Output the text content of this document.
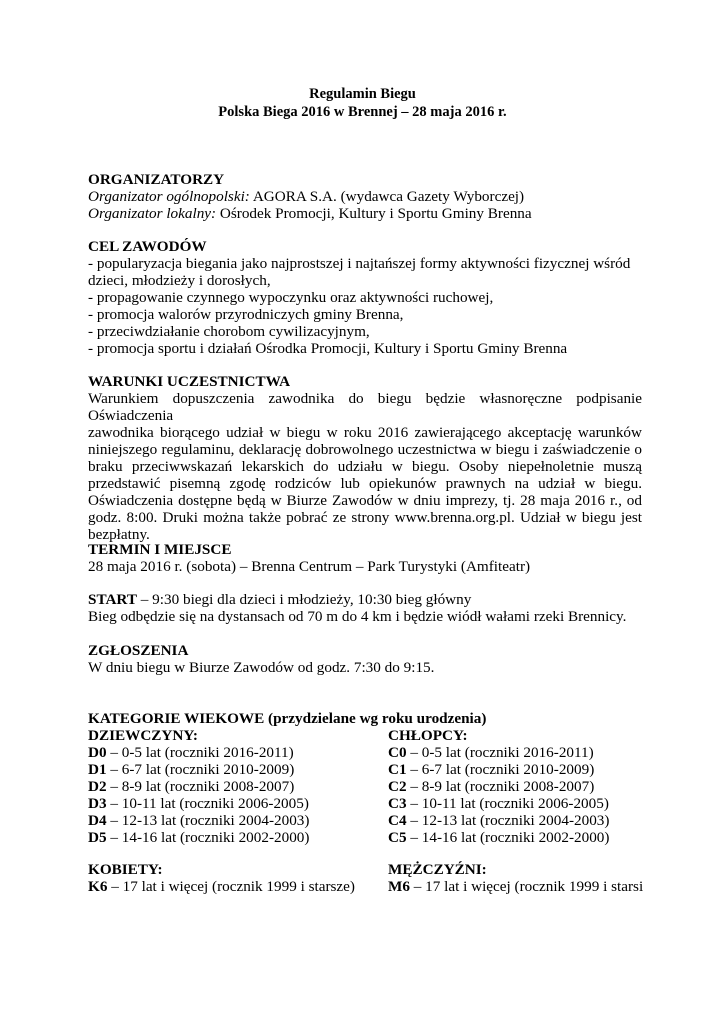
Regulamin Biegu
Polska Biega 2016 w Brennej – 28 maja 2016 r.
ORGANIZATORZY
Organizator ogólnopolski: AGORA S.A. (wydawca Gazety Wyborczej)
Organizator lokalny: Ośrodek Promocji, Kultury i Sportu Gminy Brenna
CEL ZAWODÓW
- popularyzacja biegania jako najprostszej i najtańszej formy aktywności fizycznej wśród
dzieci, młodzieży i dorosłych,
- propagowanie czynnego wypoczynku oraz aktywności ruchowej,
- promocja walorów przyrodniczych gminy Brenna,
- przeciwdziałanie chorobom cywilizacyjnym,
- promocja sportu i działań Ośrodka Promocji, Kultury i Sportu Gminy Brenna
WARUNKI UCZESTNICTWA
Warunkiem dopuszczenia zawodnika do biegu będzie własnoręczne podpisanie Oświadczenia
zawodnika biorącego udział w biegu w roku 2016 zawierającego akceptację warunków
niniejszego regulaminu, deklarację dobrowolnego uczestnictwa w biegu i zaświadczenie o
braku przeciwwskazań lekarskich do udziału w biegu. Osoby niepełnoletnie muszą
przedstawić pisemną zgodę rodziców lub opiekunów prawnych na udział w biegu.
Oświadczenia dostępne będą w Biurze Zawodów w dniu imprezy, tj. 28 maja 2016 r., od
godz. 8:00. Druki można także pobrać ze strony www.brenna.org.pl. Udział w biegu jest
bezpłatny.
TERMIN I MIEJSCE
28 maja 2016 r. (sobota) – Brenna Centrum – Park Turystyki (Amfiteatr)
START – 9:30 biegi dla dzieci i młodzieży, 10:30 bieg główny
Bieg odbędzie się na dystansach od 70 m do 4 km i będzie wiódł wałami rzeki Brennicy.
ZGŁOSZENIA
W dniu biegu w Biurze Zawodów od godz. 7:30 do 9:15.
KATEGORIE WIEKOWE (przydzielane wg roku urodzenia)
DZIEWCZYNY:
D0 – 0-5 lat (roczniki 2016-2011)
D1 – 6-7 lat (roczniki 2010-2009)
D2 – 8-9 lat (roczniki 2008-2007)
D3 – 10-11 lat (roczniki 2006-2005)
D4 – 12-13 lat (roczniki 2004-2003)
D5 – 14-16 lat (roczniki 2002-2000)
CHŁOPCY:
C0 – 0-5 lat (roczniki 2016-2011)
C1 – 6-7 lat (roczniki 2010-2009)
C2 – 8-9 lat (roczniki 2008-2007)
C3 – 10-11 lat (roczniki 2006-2005)
C4 – 12-13 lat (roczniki 2004-2003)
C5 – 14-16 lat (roczniki 2002-2000)
KOBIETY:
K6 – 17 lat i więcej (rocznik 1999 i starsze)
MĘŻCZYŹNI:
M6 – 17 lat i więcej (rocznik 1999 i starsi
